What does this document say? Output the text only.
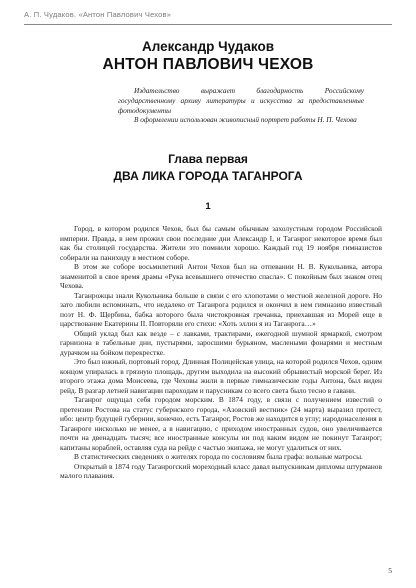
А. П. Чудаков. «Антон Павлович Чехов»
Александр Чудаков
АНТОН ПАВЛОВИЧ ЧЕХОВ

Издательство выражает благодарность Российскому государственному архиву литературы и искусства за предоставленные фотодокументы

В оформлении использован живописный портрет работы Н. П. Чехова

Глава первая
ДВА ЛИКА ГОРОДА ТАГАНРОГА
1

Город, в котором родился Чехов, был бы самым обычным захолустным городом Российской империи. Правда, в нем прожил свои последние дни Александр I, и Таганрог некоторое время был как бы столицей государства. Жители это помнили хорошо. Каждый год 19 ноября гимназистов собирали на панихиду в местном соборе.

В этом же соборе восьмилетний Антон Чехов был на отпевании Н. В. Кукольника, автора знаменитой в свое время драмы «Рука всевышнего отечество спасла». С покойным был знаком отец Чехова.

Таганрожцы знали Кукольника больше в связи с его хлопотами о местной железной дороге. Но зато любили вспоминать, что недалеко от Таганрога родился и окончил в нем гимназию известный поэт Н. Ф. Щербина, бабка которого была чистокровная гречанка, приехавшая из Морей еще в царствование Екатерины II. Повторяли его стихи: «Хоть эллин я из Таганрога…»

Общий уклад был как везде – с лавками, трактирами, ежегодной шумной ярмаркой, смотром гарнизона в табельные дни, пустырями, заросшими бурьяном, маслеными фонарями и местным дурачком на бойком перекрестке.

Это был южный, портовый город. Длинная Полицейская улица, на которой родился Чехов, одним концом упиралась в грязную площадь, другим выходила на высокий обрывистый морской берег. Из второго этажа дома Моисеева, где Чеховы жили в первые гимназические годы Антона, был виден рейд. В разгар летней навигации пароходам и парусникам со всего света было тесно в гавани.

Таганрог ощущал себя городом морским. В 1874 году, в связи с получением известий о претензии Ростова на статус губернского города, «Азовский вестник» (24 марта) выразил протест, ибо: центр будущей губернии, конечно, есть Таганрог, Ростов же находится в углу; народонаселения в Таганроге нисколько не менее, а в навигацию, с приходом иностранных судов, оно увеличивается почти на двенадцать тысяч; все иностранные консулы ни под каким видом не покинут Таганрог; капитаны кораблей, оставляя суда на рейде с частью экипажа, не могут удалиться от них.

В статистических сведениях о жителях города по сословиям была графа: вольные матросы.

Открытый в 1874 году Таганрогский мореходный класс давал выпускникам дипломы штурманов малого плавания.

5
